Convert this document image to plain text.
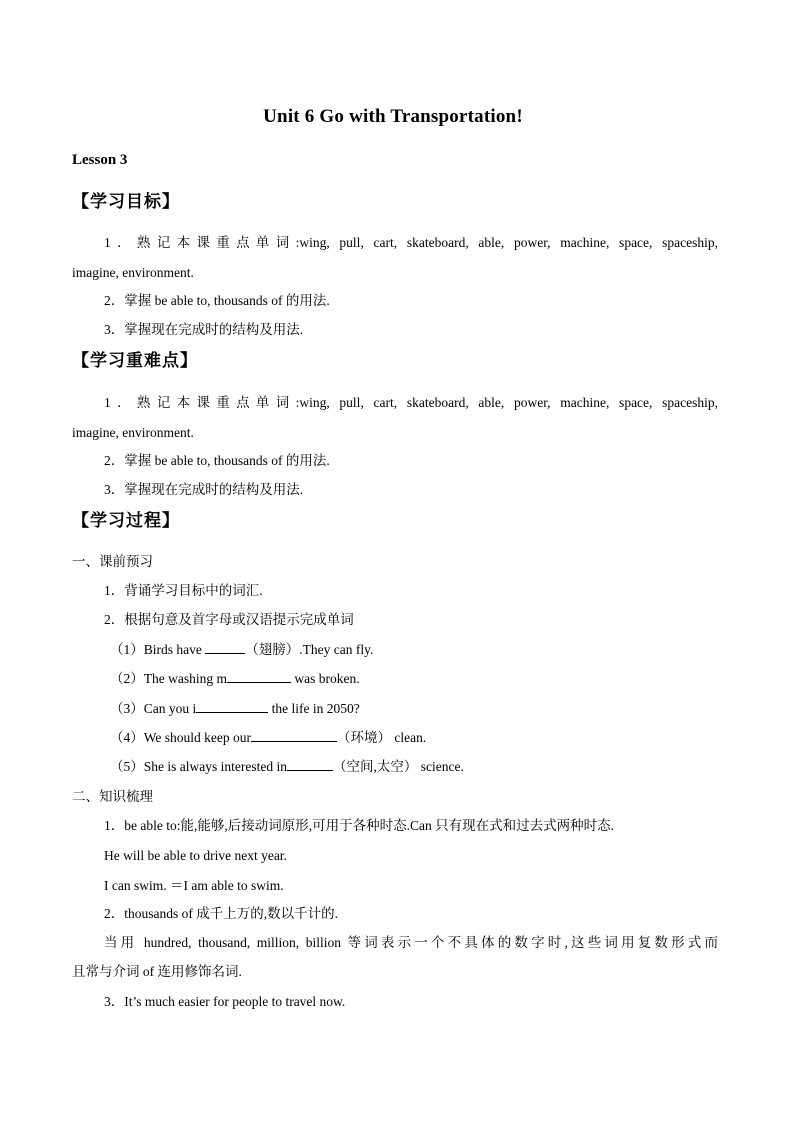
Unit 6 Go with Transportation!
Lesson 3
【学习目标】
1．熟记本课重点单词:wing, pull, cart, skateboard, able, power, machine, space, spaceship,
imagine, environment.
2．掌握 be able to, thousands of 的用法.
3．掌握现在完成时的结构及用法.
【学习重难点】
1．熟记本课重点单词:wing, pull, cart, skateboard, able, power, machine, space, spaceship,
imagine, environment.
2．掌握 be able to, thousands of 的用法.
3．掌握现在完成时的结构及用法.
【学习过程】
一、课前预习
1．背诵学习目标中的词汇.
2．根据句意及首字母或汉语提示完成单词
（1）Birds have	（翅膀）.They can fly.
（2）The washing m	was broken.
（3）Can you i	the life in 2050?
（4）We should keep our	（环境） clean.
（5）She is always interested in	（空间,太空） science.
二、知识梳理
1．be able to:能,能够,后接动词原形,可用于各种时态.Can 只有现在式和过去式两种时态.
He will be able to drive next year.
I can swim. ＝I am able to swim.
2．thousands of 成千上万的,数以千计的.
当用 hundred, thousand, million, billion 等词表示一个不具体的数字时,这些词用复数形式而
且常与介词 of 连用修饰名词.
3．It’s much easier for people to travel now.
